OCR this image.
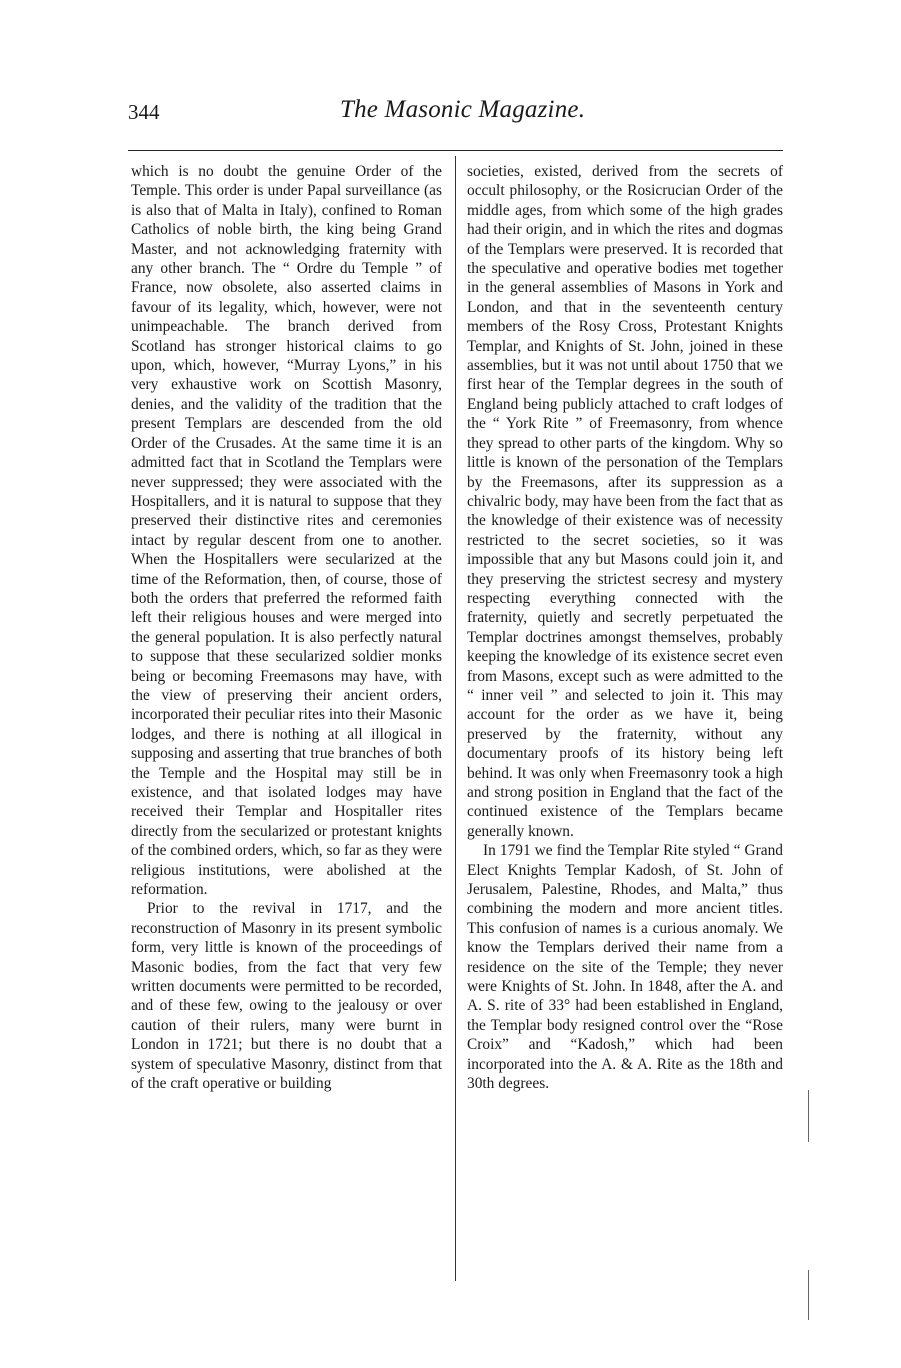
344	The Masonic Magazine.

which is no doubt the genuine Order of the Temple. This order is under Papal surveillance (as is also that of Malta in Italy), confined to Roman Catholics of noble birth, the king being Grand Master, and not acknowledging fraternity with any other branch. The “ Ordre du Temple ” of France, now obsolete, also asserted claims in favour of its legality, which, however, were not unimpeachable. The branch derived from Scotland has stronger historical claims to go upon, which, however, “Murray Lyons,” in his very exhaustive work on Scottish Masonry, denies, and the validity of the tradition that the present Templars are descended from the old Order of the Crusades. At the same time it is an admitted fact that in Scotland the Templars were never suppressed; they were associated with the Hospitallers, and it is natural to suppose that they preserved their distinctive rites and ceremonies intact by regular descent from one to another. When the Hospitallers were secularized at the time of the Reformation, then, of course, those of both the orders that preferred the reformed faith left their religious houses and were merged into the general population. It is also perfectly natural to suppose that these secularized soldier monks being or becoming Freemasons may have, with the view of preserving their ancient orders, incorporated their peculiar rites into their Masonic lodges, and there is nothing at all illogical in supposing and asserting that true branches of both the Temple and the Hospital may still be in existence, and that isolated lodges may have received their Templar and Hospitaller rites directly from the secularized or protestant knights of the combined orders, which, so far as they were religious institutions, were abolished at the reformation.

Prior to the revival in 1717, and the reconstruction of Masonry in its present symbolic form, very little is known of the proceedings of Masonic bodies, from the fact that very few written documents were permitted to be recorded, and of these few, owing to the jealousy or over caution of their rulers, many were burnt in London in 1721; but there is no doubt that a system of speculative Masonry, distinct from that of the craft operative or building

societies, existed, derived from the secrets of occult philosophy, or the Rosicrucian Order of the middle ages, from which some of the high grades had their origin, and in which the rites and dogmas of the Templars were preserved. It is recorded that the speculative and operative bodies met together in the general assemblies of Masons in York and London, and that in the seventeenth century members of the Rosy Cross, Protestant Knights Templar, and Knights of St. John, joined in these assemblies, but it was not until about 1750 that we first hear of the Templar degrees in the south of England being publicly attached to craft lodges of the “ York Rite ” of Freemasonry, from whence they spread to other parts of the kingdom. Why so little is known of the personation of the Templars by the Freemasons, after its suppression as a chivalric body, may have been from the fact that as the knowledge of their existence was of necessity restricted to the secret societies, so it was impossible that any but Masons could join it, and they preserving the strictest secresy and mystery respecting everything connected with the fraternity, quietly and secretly perpetuated the Templar doctrines amongst themselves, probably keeping the knowledge of its existence secret even from Masons, except such as were admitted to the “ inner veil ” and selected to join it. This may account for the order as we have it, being preserved by the fraternity, without any documentary proofs of its history being left behind. It was only when Freemasonry took a high and strong position in England that the fact of the continued existence of the Templars became generally known.

In 1791 we find the Templar Rite styled “ Grand Elect Knights Templar Kadosh, of St. John of Jerusalem, Palestine, Rhodes, and Malta,” thus combining the modern and more ancient titles. This confusion of names is a curious anomaly. We know the Templars derived their name from a residence on the site of the Temple; they never were Knights of St. John. In 1848, after the A. and A. S. rite of 33° had been established in England, the Templar body resigned control over the “Rose Croix” and “Kadosh,” which had been incorporated into the A. & A. Rite as the 18th and 30th degrees.
